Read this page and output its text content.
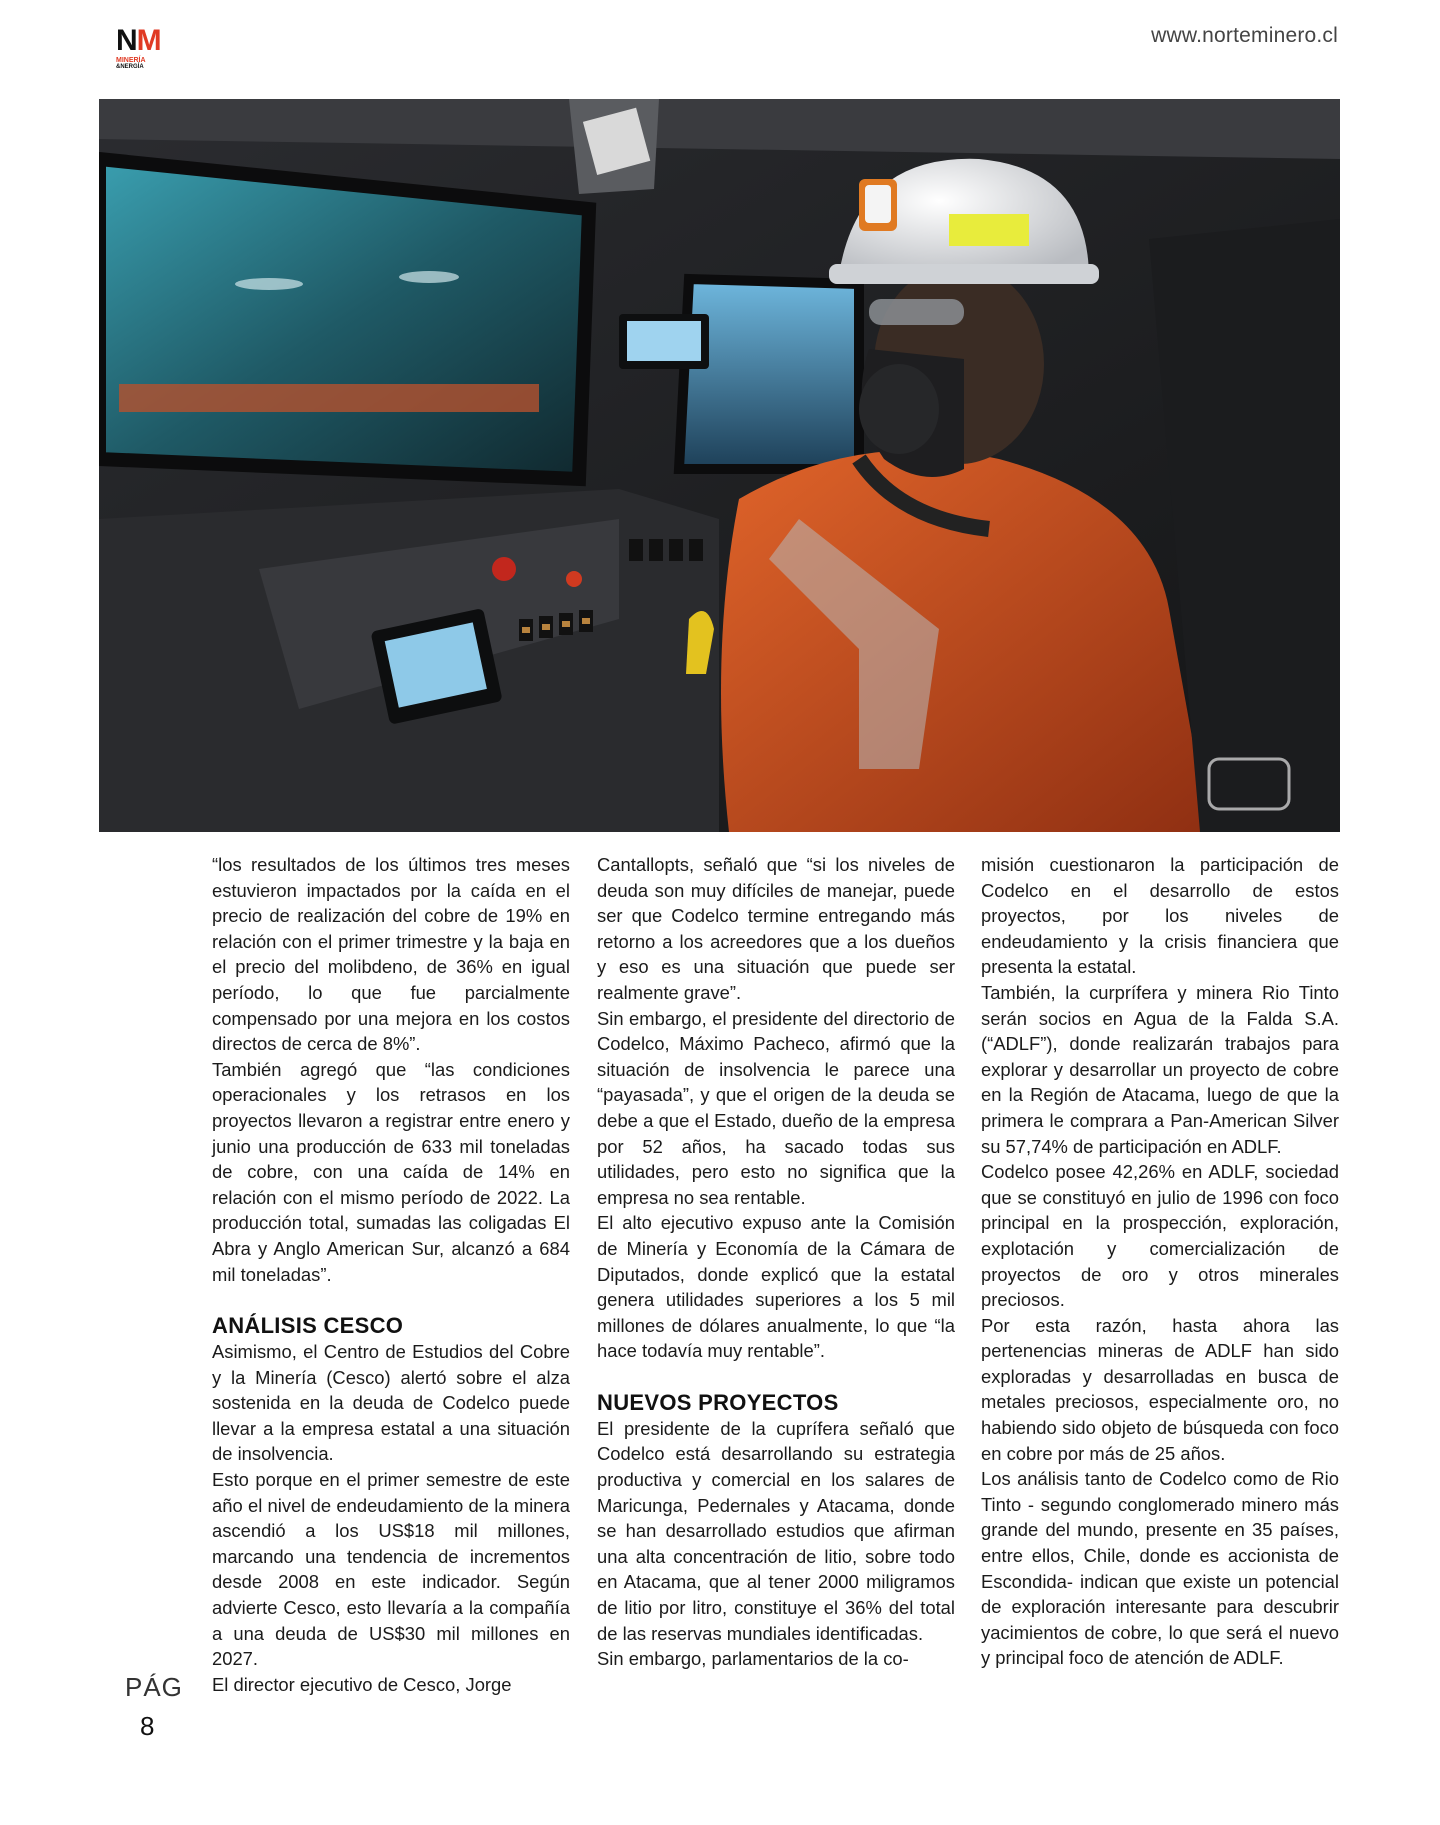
NM
MINERÍA
&NERGÍA
www.norteminero.cl

“los resultados de los últimos tres meses estuvieron impactados por la caída en el precio de realización del cobre de 19% en relación con el primer trimestre y la baja en el precio del molibdeno, de 36% en igual período, lo que fue parcialmente compensado por una mejora en los costos directos de cerca de 8%”.

También agregó que “las condiciones operacionales y los retrasos en los proyectos llevaron a registrar entre enero y junio una producción de 633 mil toneladas de cobre, con una caída de 14% en relación con el mismo período de 2022. La producción total, sumadas las coligadas El Abra y Anglo American Sur, alcanzó a 684 mil toneladas”.

ANÁLISIS CESCO

Asimismo, el Centro de Estudios del Cobre y la Minería (Cesco) alertó sobre el alza sostenida en la deuda de Codelco puede llevar a la empresa estatal a una situación de insolvencia.

Esto porque en el primer semestre de este año el nivel de endeudamiento de la minera ascendió a los US$18 mil millones, marcando una tendencia de incrementos desde 2008 en este indicador. Según advierte Cesco, esto llevaría a la compañía a una deuda de US$30 mil millones en 2027.

El director ejecutivo de Cesco, Jorge

Cantallopts, señaló que “si los niveles de deuda son muy difíciles de manejar, puede ser que Codelco termine entregando más retorno a los acreedores que a los dueños y eso es una situación que puede ser realmente grave”.

Sin embargo, el presidente del directorio de Codelco, Máximo Pacheco, afirmó que la situación de insolvencia le parece una “payasada”, y que el origen de la deuda se debe a que el Estado, dueño de la empresa por 52 años, ha sacado todas sus utilidades, pero esto no significa que la empresa no sea rentable.

El alto ejecutivo expuso ante la Comisión de Minería y Economía de la Cámara de Diputados, donde explicó que la estatal genera utilidades superiores a los 5 mil millones de dólares anualmente, lo que “la hace todavía muy rentable”.

NUEVOS PROYECTOS

El presidente de la cuprífera señaló que Codelco está desarrollando su estrategia productiva y comercial en los salares de Maricunga, Pedernales y Atacama, donde se han desarrollado estudios que afirman una alta concentración de litio, sobre todo en Atacama, que al tener 2000 miligramos de litio por litro, constituye el 36% del total de las reservas mundiales identificadas.

Sin embargo, parlamentarios de la co-

misión cuestionaron la participación de Codelco en el desarrollo de estos proyectos, por los niveles de endeudamiento y la crisis financiera que presenta la estatal.

También, la curprífera y minera Rio Tinto serán socios en Agua de la Falda S.A. (“ADLF”), donde realizarán trabajos para explorar y desarrollar un proyecto de cobre en la Región de Atacama, luego de que la primera le comprara a Pan-American Silver su 57,74% de participación en ADLF.

Codelco posee 42,26% en ADLF, sociedad que se constituyó en julio de 1996 con foco principal en la prospección, exploración, explotación y comercialización de proyectos de oro y otros minerales preciosos.

Por esta razón, hasta ahora las pertenencias mineras de ADLF han sido exploradas y desarrolladas en busca de metales preciosos, especialmente oro, no habiendo sido objeto de búsqueda con foco en cobre por más de 25 años.

Los análisis tanto de Codelco como de Rio Tinto - segundo conglomerado minero más grande del mundo, presente en 35 países, entre ellos, Chile, donde es accionista de Escondida- indican que existe un potencial de exploración interesante para descubrir yacimientos de cobre, lo que será el nuevo y principal foco de atención de ADLF.

PÁG
8
